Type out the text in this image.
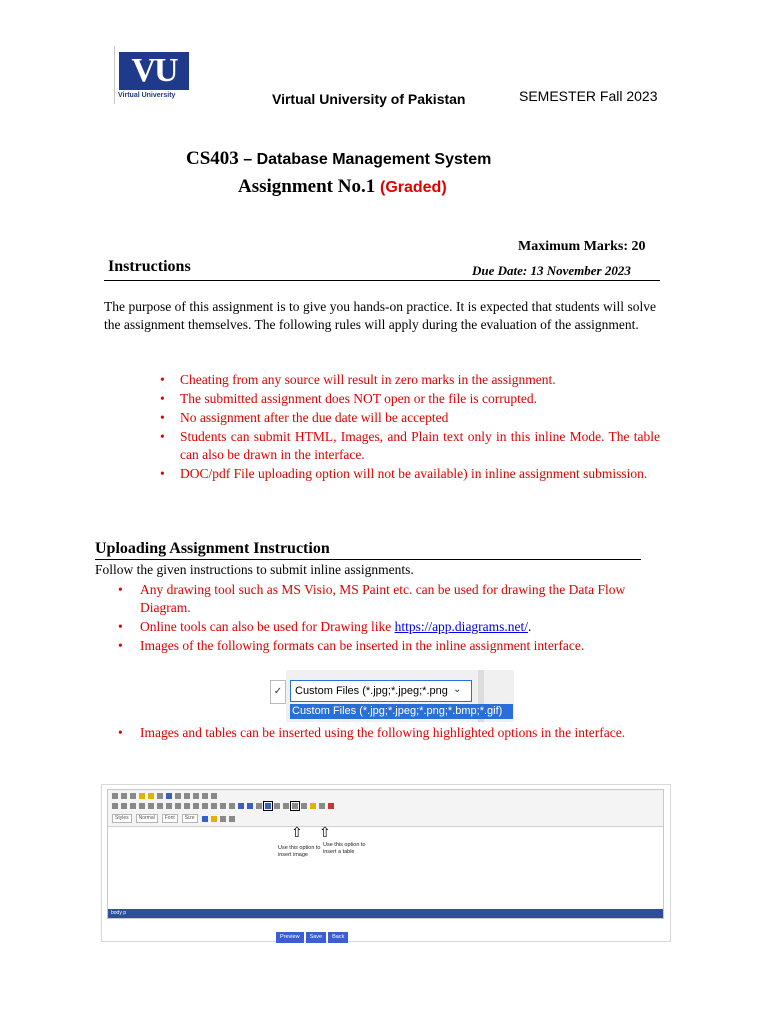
VU
Virtual University	Virtual University of Pakistan	SEMESTER Fall 2023
CS403 – Database Management System
Assignment No.1 (Graded)
Maximum Marks: 20
Instructions	Due Date: 13 November 2023
The purpose of this assignment is to give you hands-on practice. It is expected that students will solve the assignment themselves. The following rules will apply during the evaluation of the assignment.
• Cheating from any source will result in zero marks in the assignment.
• The submitted assignment does NOT open or the file is corrupted.
• No assignment after the due date will be accepted
• Students can submit HTML, Images, and Plain text only in this inline Mode. The table can also be drawn in the interface.
• DOC/pdf File uploading option will not be available) in inline assignment submission.
Uploading Assignment Instruction
Follow the given instructions to submit inline assignments.
• Any drawing tool such as MS Visio, MS Paint etc. can be used for drawing the Data Flow Diagram.
• Online tools can also be used for Drawing like https://app.diagrams.net/.
• Images of the following formats can be inserted in the inline assignment interface.
✓	Custom Files (*.jpg;*.jpeg;*.png ⌄
Custom Files (*.jpg;*.jpeg;*.png;*.bmp;*.gif)
• Images and tables can be inserted using the following highlighted options in the interface.
Styles Normal Font Size
⇧ ⇧
Use this option to insert image
Use this option to insert a table
body p
Preview Save Back
